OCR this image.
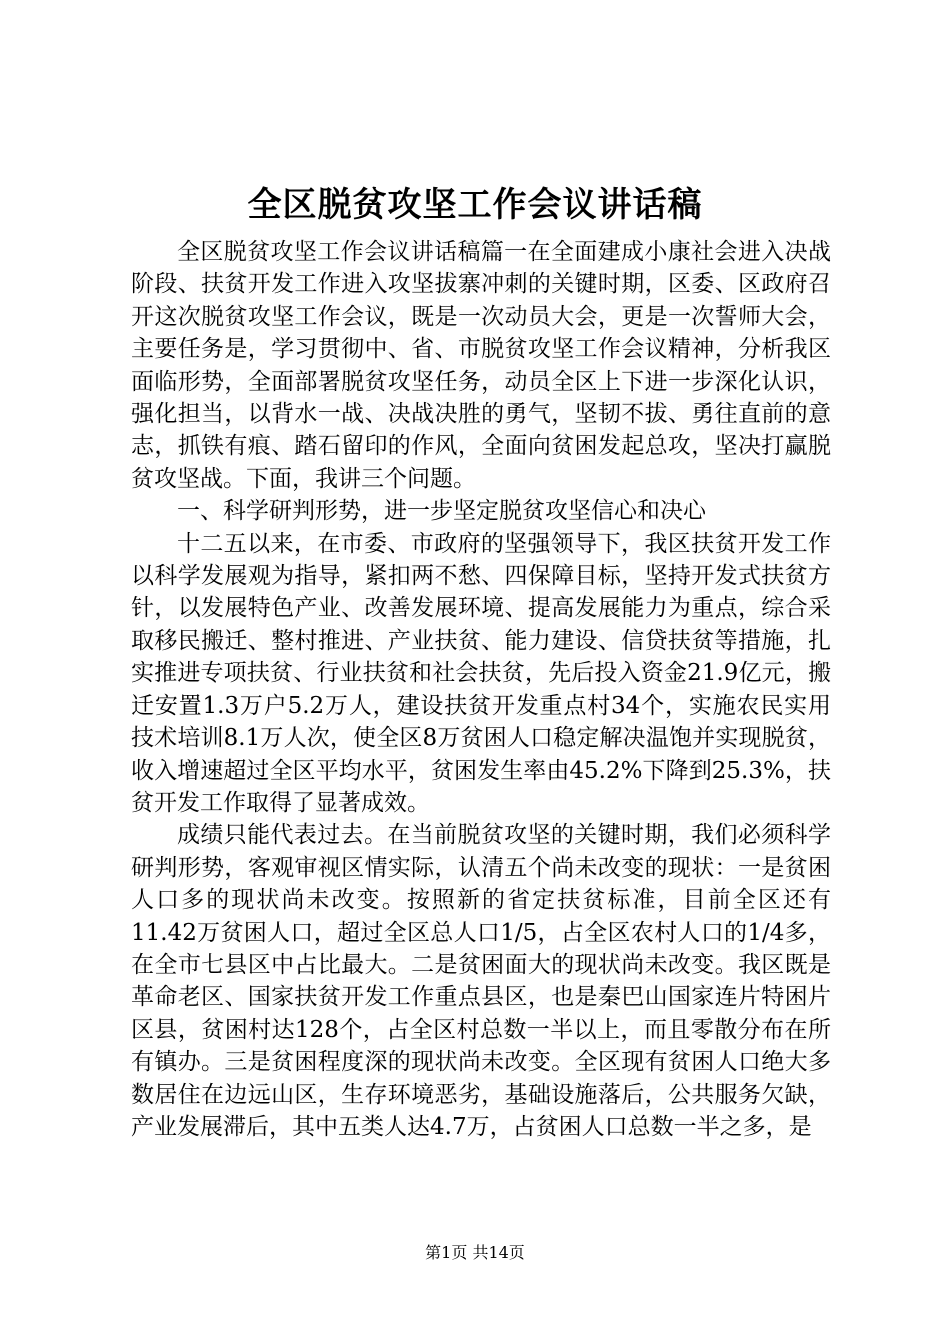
全区脱贫攻坚工作会议讲话稿

全区脱贫攻坚工作会议讲话稿篇一在全面建成小康社会进入决战阶段、扶贫开发工作进入攻坚拔寨冲刺的关键时期，区委、区政府召开这次脱贫攻坚工作会议，既是一次动员大会，更是一次誓师大会，主要任务是，学习贯彻中、省、市脱贫攻坚工作会议精神，分析我区面临形势，全面部署脱贫攻坚任务，动员全区上下进一步深化认识，强化担当，以背水一战、决战决胜的勇气，坚韧不拔、勇往直前的意志，抓铁有痕、踏石留印的作风，全面向贫困发起总攻，坚决打赢脱贫攻坚战。下面，我讲三个问题。

一、科学研判形势，进一步坚定脱贫攻坚信心和决心

十二五以来，在市委、市政府的坚强领导下，我区扶贫开发工作以科学发展观为指导，紧扣两不愁、四保障目标，坚持开发式扶贫方针，以发展特色产业、改善发展环境、提高发展能力为重点，综合采取移民搬迁、整村推进、产业扶贫、能力建设、信贷扶贫等措施，扎实推进专项扶贫、行业扶贫和社会扶贫，先后投入资金21.9亿元，搬迁安置1.3万户5.2万人，建设扶贫开发重点村34个，实施农民实用技术培训8.1万人次，使全区8万贫困人口稳定解决温饱并实现脱贫，收入增速超过全区平均水平，贫困发生率由45.2%下降到25.3%，扶贫开发工作取得了显著成效。

成绩只能代表过去。在当前脱贫攻坚的关键时期，我们必须科学研判形势，客观审视区情实际，认清五个尚未改变的现状：一是贫困人口多的现状尚未改变。按照新的省定扶贫标准，目前全区还有11.42万贫困人口，超过全区总人口1/5，占全区农村人口的1/4多，在全市七县区中占比最大。二是贫困面大的现状尚未改变。我区既是革命老区、国家扶贫开发工作重点县区，也是秦巴山国家连片特困片区县，贫困村达128个，占全区村总数一半以上，而且零散分布在所有镇办。三是贫困程度深的现状尚未改变。全区现有贫困人口绝大多数居住在边远山区，生存环境恶劣，基础设施落后，公共服务欠缺，产业发展滞后，其中五类人达4.7万，占贫困人口总数一半之多，是

第1页 共14页
